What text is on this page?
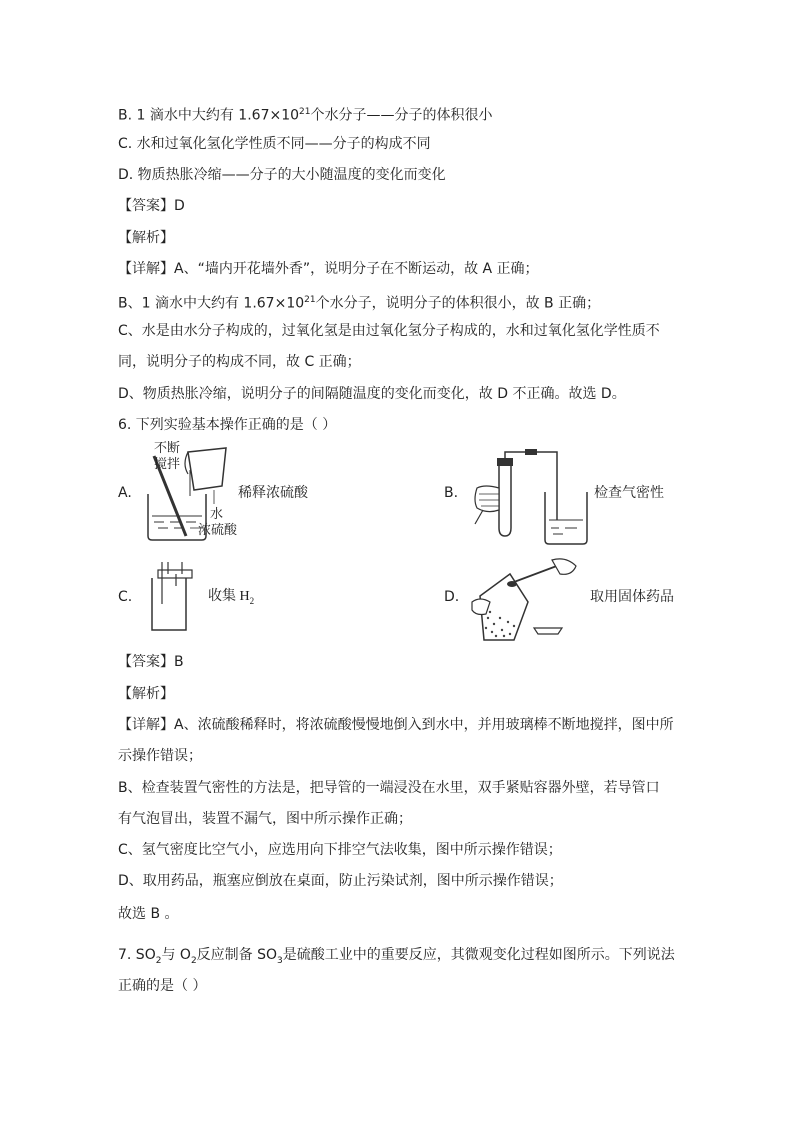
B. 1 滴水中大约有 $1.67\times 10^{21}$个水分子——分子的体积很小
C. 水和过氧化氢化学性质不同——分子的构成不同
D. 物质热胀冷缩——分子的大小随温度的变化而变化
【答案】D
【解析】
【详解】A、“墙内开花墙外香”，说明分子在不断运动，故 A 正确；
B、1 滴水中大约有 $1.67\times 10^{21}$个水分子，说明分子的体积很小，故 B 正确；
C、水是由水分子构成的，过氧化氢是由过氧化氢分子构成的，水和过氧化氢化学性质不
同，说明分子的构成不同，故 C 正确；
D、物质热胀冷缩，说明分子的间隔随温度的变化而变化，故 D 不正确。故选 D。
6. 下列实验基本操作正确的是（ ）
A.
不断
搅拌
水
浓硫酸
稀释浓硫酸	B.	检查气密性
C.	收集 $H_2$	D.	取用固体药品
【答案】B
【解析】
【详解】A、浓硫酸稀释时，将浓硫酸慢慢地倒入到水中，并用玻璃棒不断地搅拌，图中所
示操作错误；
B、检查装置气密性的方法是，把导管的一端浸没在水里，双手紧贴容器外壁，若导管口
有气泡冒出，装置不漏气，图中所示操作正确；
C、氢气密度比空气小，应选用向下排空气法收集，图中所示操作错误；
D、取用药品，瓶塞应倒放在桌面，防止污染试剂，图中所示操作错误；
故选 B 。
7. $SO_2$与 $O_2$反应制备 $SO_3$是硫酸工业中的重要反应，其微观变化过程如图所示。下列说法
正确的是（ ）
